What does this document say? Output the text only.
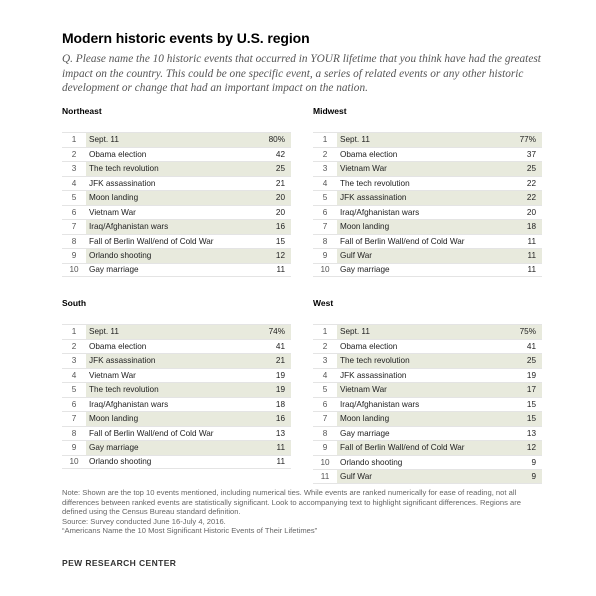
Modern historic events by U.S. region
Q. Please name the 10 historic events that occurred in YOUR lifetime that you think have had the greatest impact on the country. This could be one specific event, a series of related events or any other historic development or change that had an important impact on the nation.
Northeast
1	Sept. 11	80%
2	Obama election	42
3	The tech revolution	25
4	JFK assassination	21
5	Moon landing	20
6	Vietnam War	20
7	Iraq/Afghanistan wars	16
8	Fall of Berlin Wall/end of Cold War	15
9	Orlando shooting	12
10	Gay marriage	11
Midwest
1	Sept. 11	77%
2	Obama election	37
3	Vietnam War	25
4	The tech revolution	22
5	JFK assassination	22
6	Iraq/Afghanistan wars	20
7	Moon landing	18
8	Fall of Berlin Wall/end of Cold War	11
9	Gulf War	11
10	Gay marriage	11
South
1	Sept. 11	74%
2	Obama election	41
3	JFK assassination	21
4	Vietnam War	19
5	The tech revolution	19
6	Iraq/Afghanistan wars	18
7	Moon landing	16
8	Fall of Berlin Wall/end of Cold War	13
9	Gay marriage	11
10	Orlando shooting	11
West
1	Sept. 11	75%
2	Obama election	41
3	The tech revolution	25
4	JFK assassination	19
5	Vietnam War	17
6	Iraq/Afghanistan wars	15
7	Moon landing	15
8	Gay marriage	13
9	Fall of Berlin Wall/end of Cold War	12
10	Orlando shooting	9
11	Gulf War	9
Note: Shown are the top 10 events mentioned, including numerical ties. While events are ranked numerically for ease of reading, not all differences between ranked events are statistically significant. Look to accompanying text to highlight significant differences. Regions are defined using the Census Bureau standard definition.
Source: Survey conducted June 16-July 4, 2016.
“Americans Name the 10 Most Significant Historic Events of Their Lifetimes”
PEW RESEARCH CENTER
